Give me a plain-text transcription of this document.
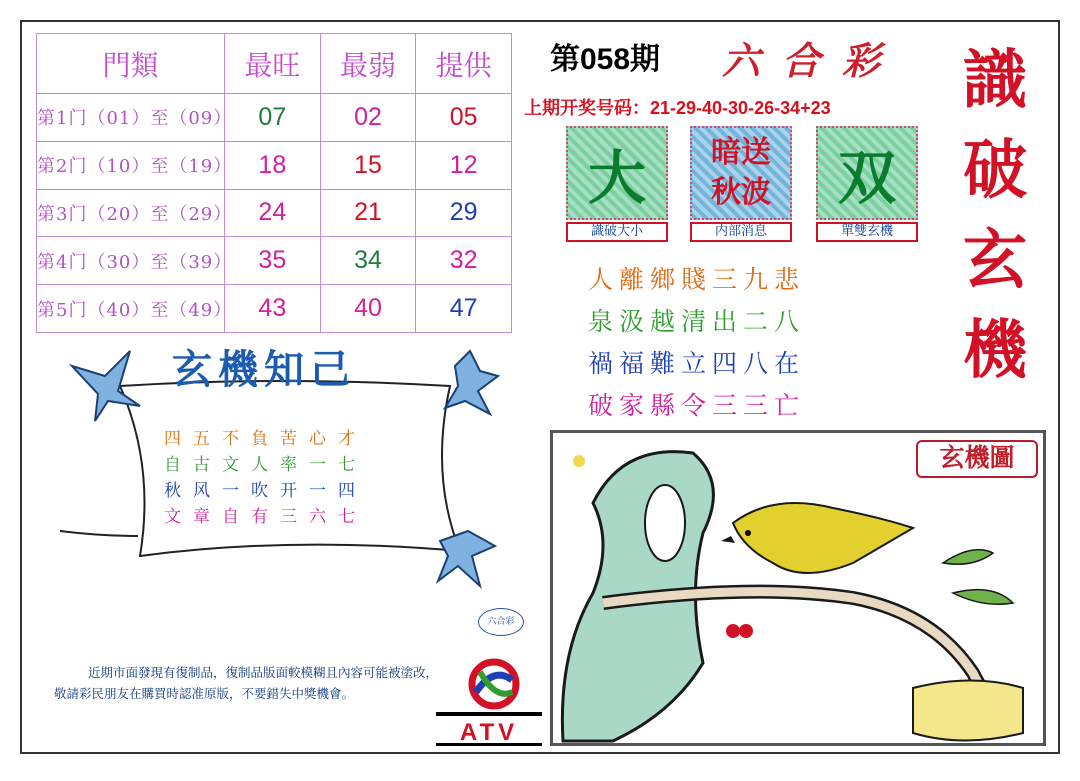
門類	最旺	最弱	提供
第1门（01）至（09）	07	02	05
第2门（10）至（19）	18	15	12
第3门（20）至（29）	24	21	29
第4门（30）至（39）	35	34	32
第5门（40）至（49）	43	40	47
第058期 六合彩
上期开奖号码：21-29-40-30-26-34+23 識
破
玄
機
大
識破大小
暗送秋波
内部消息
双
單雙玄機
人離鄉賤三九悲
泉汲越清出二八
禍福難立四八在
破家縣令三三亡
玄機知己
四五不負苦心才
自古文人率一七
秋风一吹开一四
文章自有三六七
六合彩
近期市面發現有復制品，復制品版面較模糊且內容可能被塗改，敬請彩民朋友在購買時認准原版，不要錯失中獎機會。
ATV
玄機圖
